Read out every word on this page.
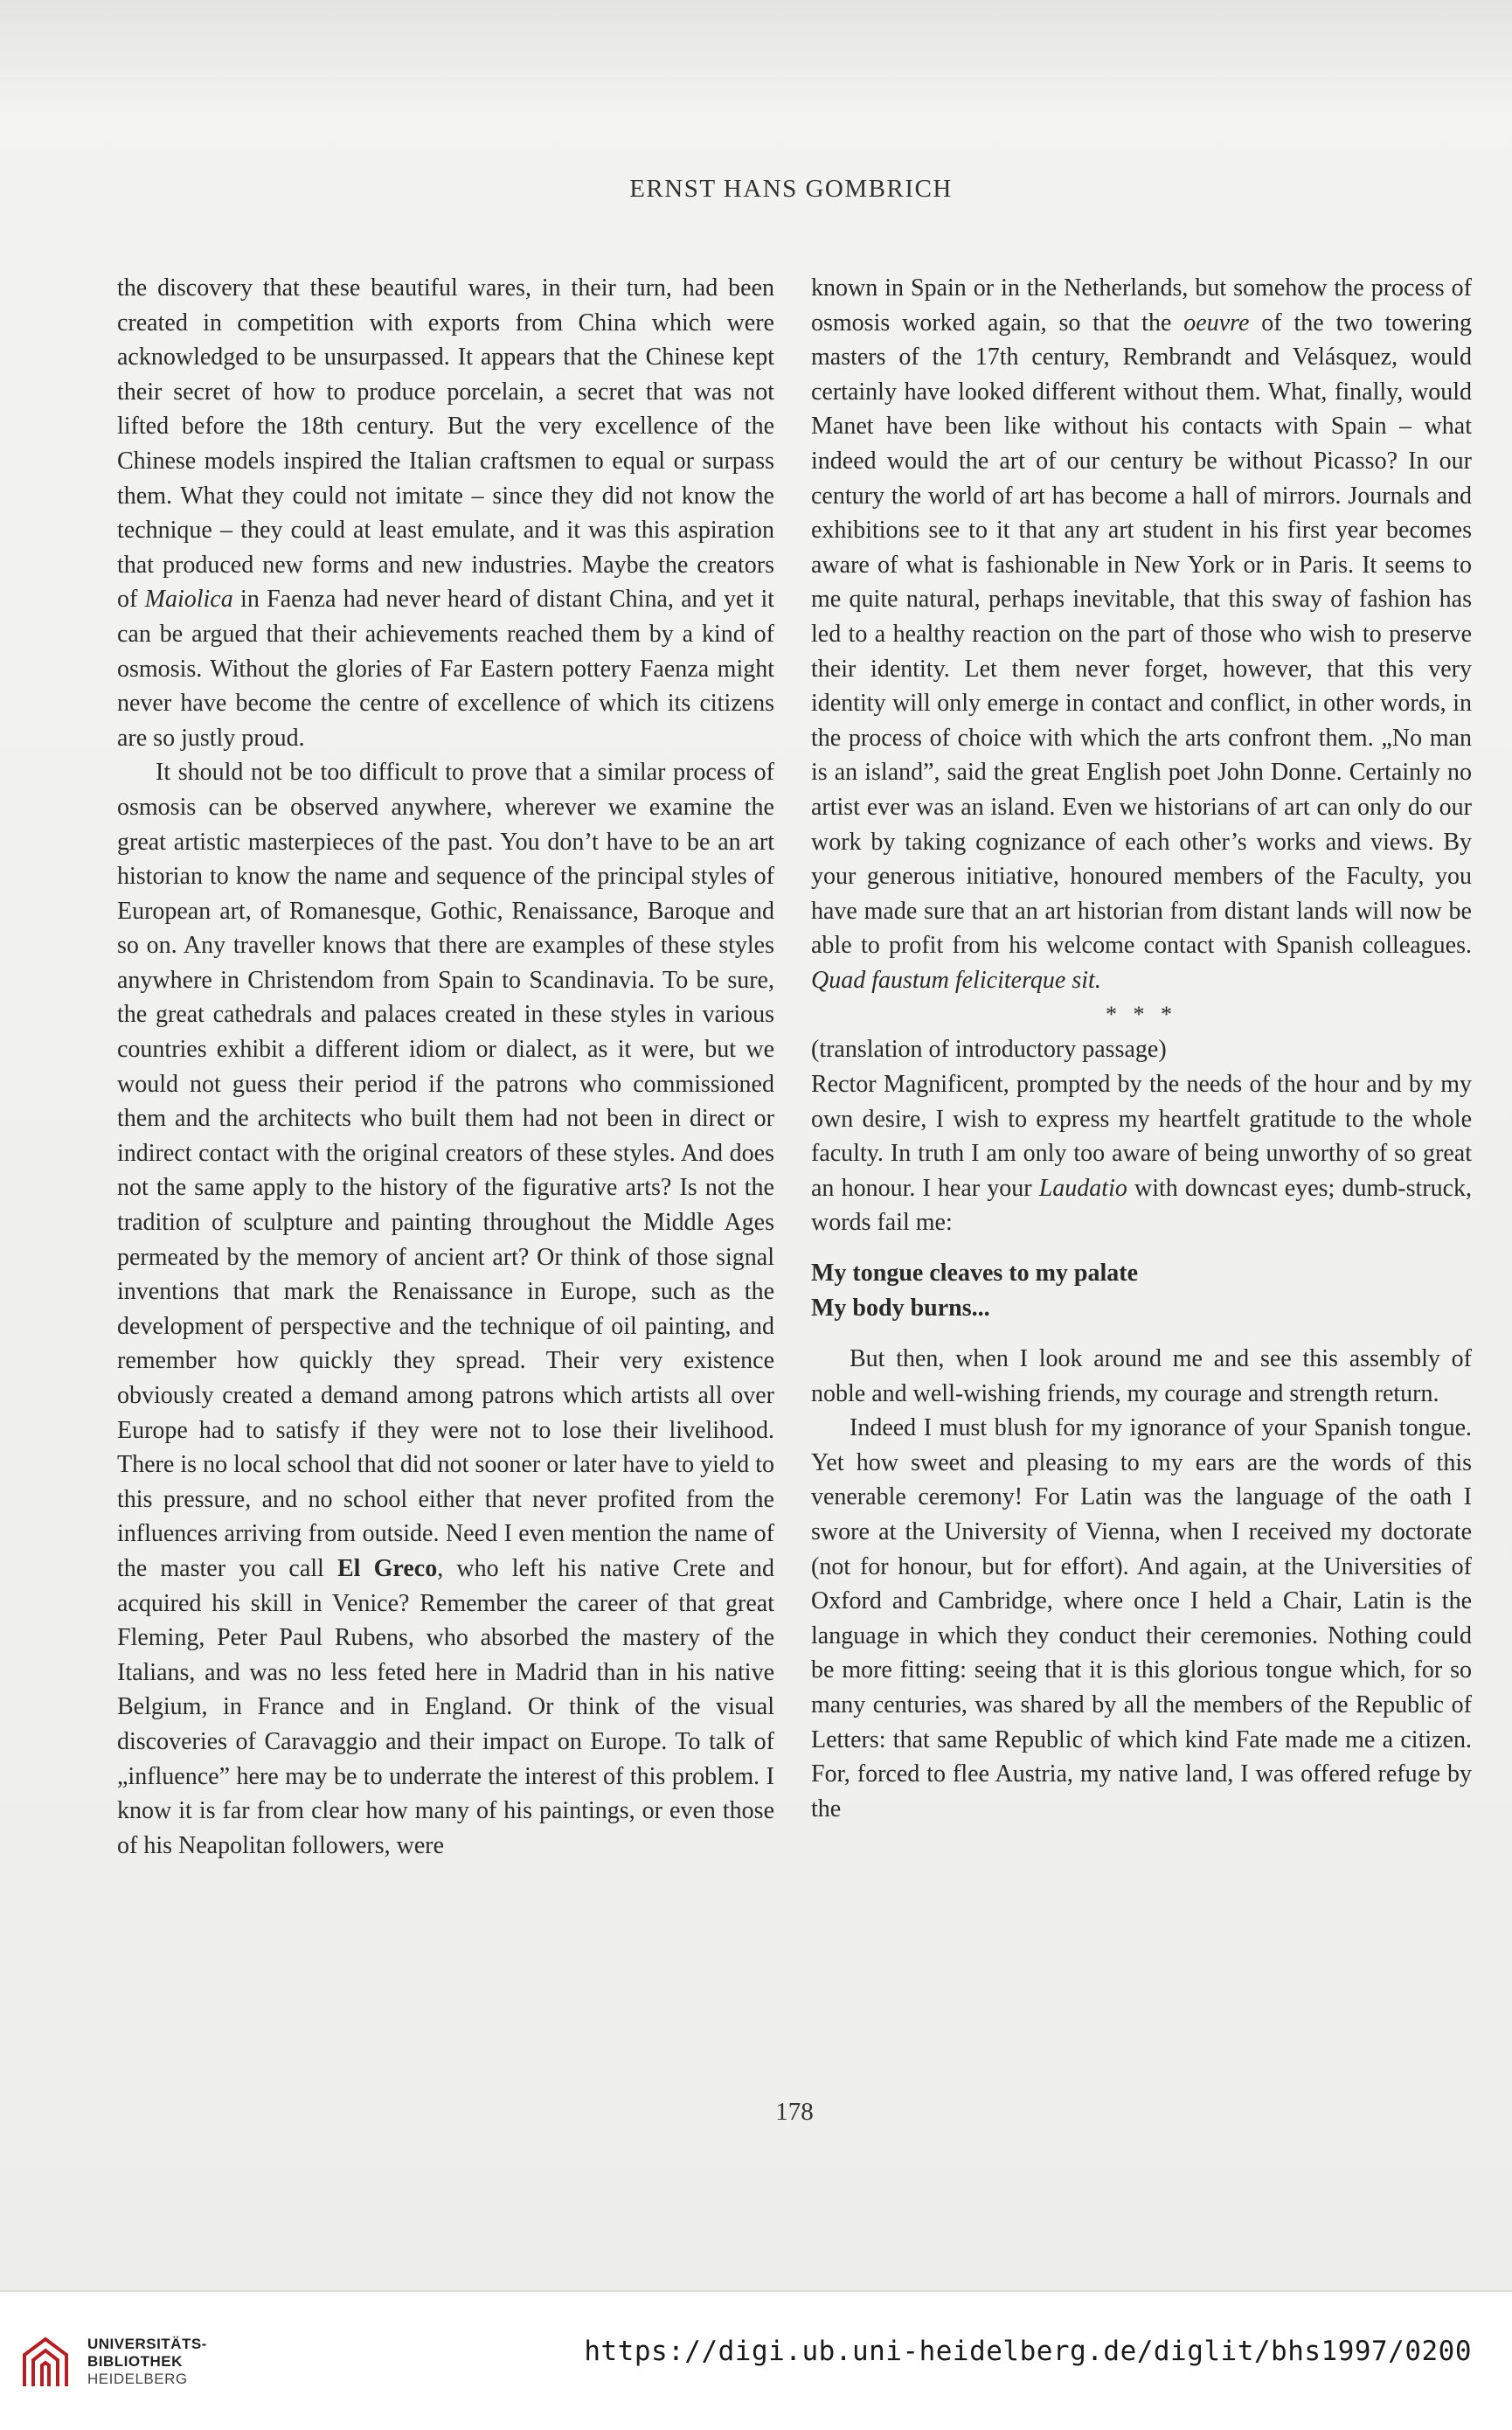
ERNST HANS GOMBRICH

the discovery that these beautiful wares, in their turn, had been created in competition with exports from China which were acknowledged to be unsurpassed. It appears that the Chinese kept their secret of how to produce porcelain, a secret that was not lifted before the 18th century. But the very excellence of the Chinese models inspired the Italian craftsmen to equal or surpass them. What they could not imitate – since they did not know the technique – they could at least emulate, and it was this aspiration that produced new forms and new industries. Maybe the creators of Maiolica in Faenza had never heard of distant China, and yet it can be argued that their achievements reached them by a kind of osmosis. Without the glories of Far Eastern pottery Faenza might never have become the centre of excellence of which its citizens are so justly proud.

It should not be too difficult to prove that a similar process of osmosis can be observed anywhere, wherever we examine the great artistic masterpieces of the past. You don’t have to be an art historian to know the name and sequence of the principal styles of European art, of Romanesque, Gothic, Renaissance, Baroque and so on. Any traveller knows that there are examples of these styles anywhere in Christendom from Spain to Scandinavia. To be sure, the great cathedrals and palaces created in these styles in various countries exhibit a different idiom or dialect, as it were, but we would not guess their period if the patrons who commissioned them and the architects who built them had not been in direct or indirect contact with the original creators of these styles. And does not the same apply to the history of the figurative arts? Is not the tradition of sculpture and painting throughout the Middle Ages permeated by the memory of ancient art? Or think of those signal inventions that mark the Renaissance in Europe, such as the development of perspective and the technique of oil painting, and remember how quickly they spread. Their very existence obviously created a demand among patrons which artists all over Europe had to satisfy if they were not to lose their livelihood. There is no local school that did not sooner or later have to yield to this pressure, and no school either that never profited from the influences arriving from outside. Need I even mention the name of the master you call El Greco, who left his native Crete and acquired his skill in Venice? Remember the career of that great Fleming, Peter Paul Rubens, who absorbed the mastery of the Italians, and was no less feted here in Madrid than in his native Belgium, in France and in England. Or think of the visual discoveries of Caravaggio and their impact on Europe. To talk of „influence” here may be to underrate the interest of this problem. I know it is far from clear how many of his paintings, or even those of his Neapolitan followers, were

known in Spain or in the Netherlands, but somehow the process of osmosis worked again, so that the oeuvre of the two towering masters of the 17th century, Rembrandt and Velásquez, would certainly have looked different without them. What, finally, would Manet have been like without his contacts with Spain – what indeed would the art of our century be without Picasso? In our century the world of art has become a hall of mirrors. Journals and exhibitions see to it that any art student in his first year becomes aware of what is fashionable in New York or in Paris. It seems to me quite natural, perhaps inevitable, that this sway of fashion has led to a healthy reaction on the part of those who wish to preserve their identity. Let them never forget, however, that this very identity will only emerge in contact and conflict, in other words, in the process of choice with which the arts confront them. „No man is an island”, said the great English poet John Donne. Certainly no artist ever was an island. Even we historians of art can only do our work by taking cognizance of each other’s works and views. By your generous initiative, honoured members of the Faculty, you have made sure that an art historian from distant lands will now be able to profit from his welcome contact with Spanish colleagues. Quad faustum feliciterque sit.

* * *

(translation of introductory passage)

Rector Magnificent, prompted by the needs of the hour and by my own desire, I wish to express my heartfelt gratitude to the whole faculty. In truth I am only too aware of being unworthy of so great an honour. I hear your Laudatio with downcast eyes; dumb-struck, words fail me:

My tongue cleaves to my palate
My body burns...

But then, when I look around me and see this assembly of noble and well-wishing friends, my courage and strength return.

Indeed I must blush for my ignorance of your Spanish tongue. Yet how sweet and pleasing to my ears are the words of this venerable ceremony! For Latin was the language of the oath I swore at the University of Vienna, when I received my doctorate (not for honour, but for effort). And again, at the Universities of Oxford and Cambridge, where once I held a Chair, Latin is the language in which they conduct their ceremonies. Nothing could be more fitting: seeing that it is this glorious tongue which, for so many centuries, was shared by all the members of the Republic of Letters: that same Republic of which kind Fate made me a citizen. For, forced to flee Austria, my native land, I was offered refuge by the

178
UNIVERSITÄTS-
BIBLIOTHEK
HEIDELBERG
https://digi.ub.uni-heidelberg.de/diglit/bhs1997/0200
